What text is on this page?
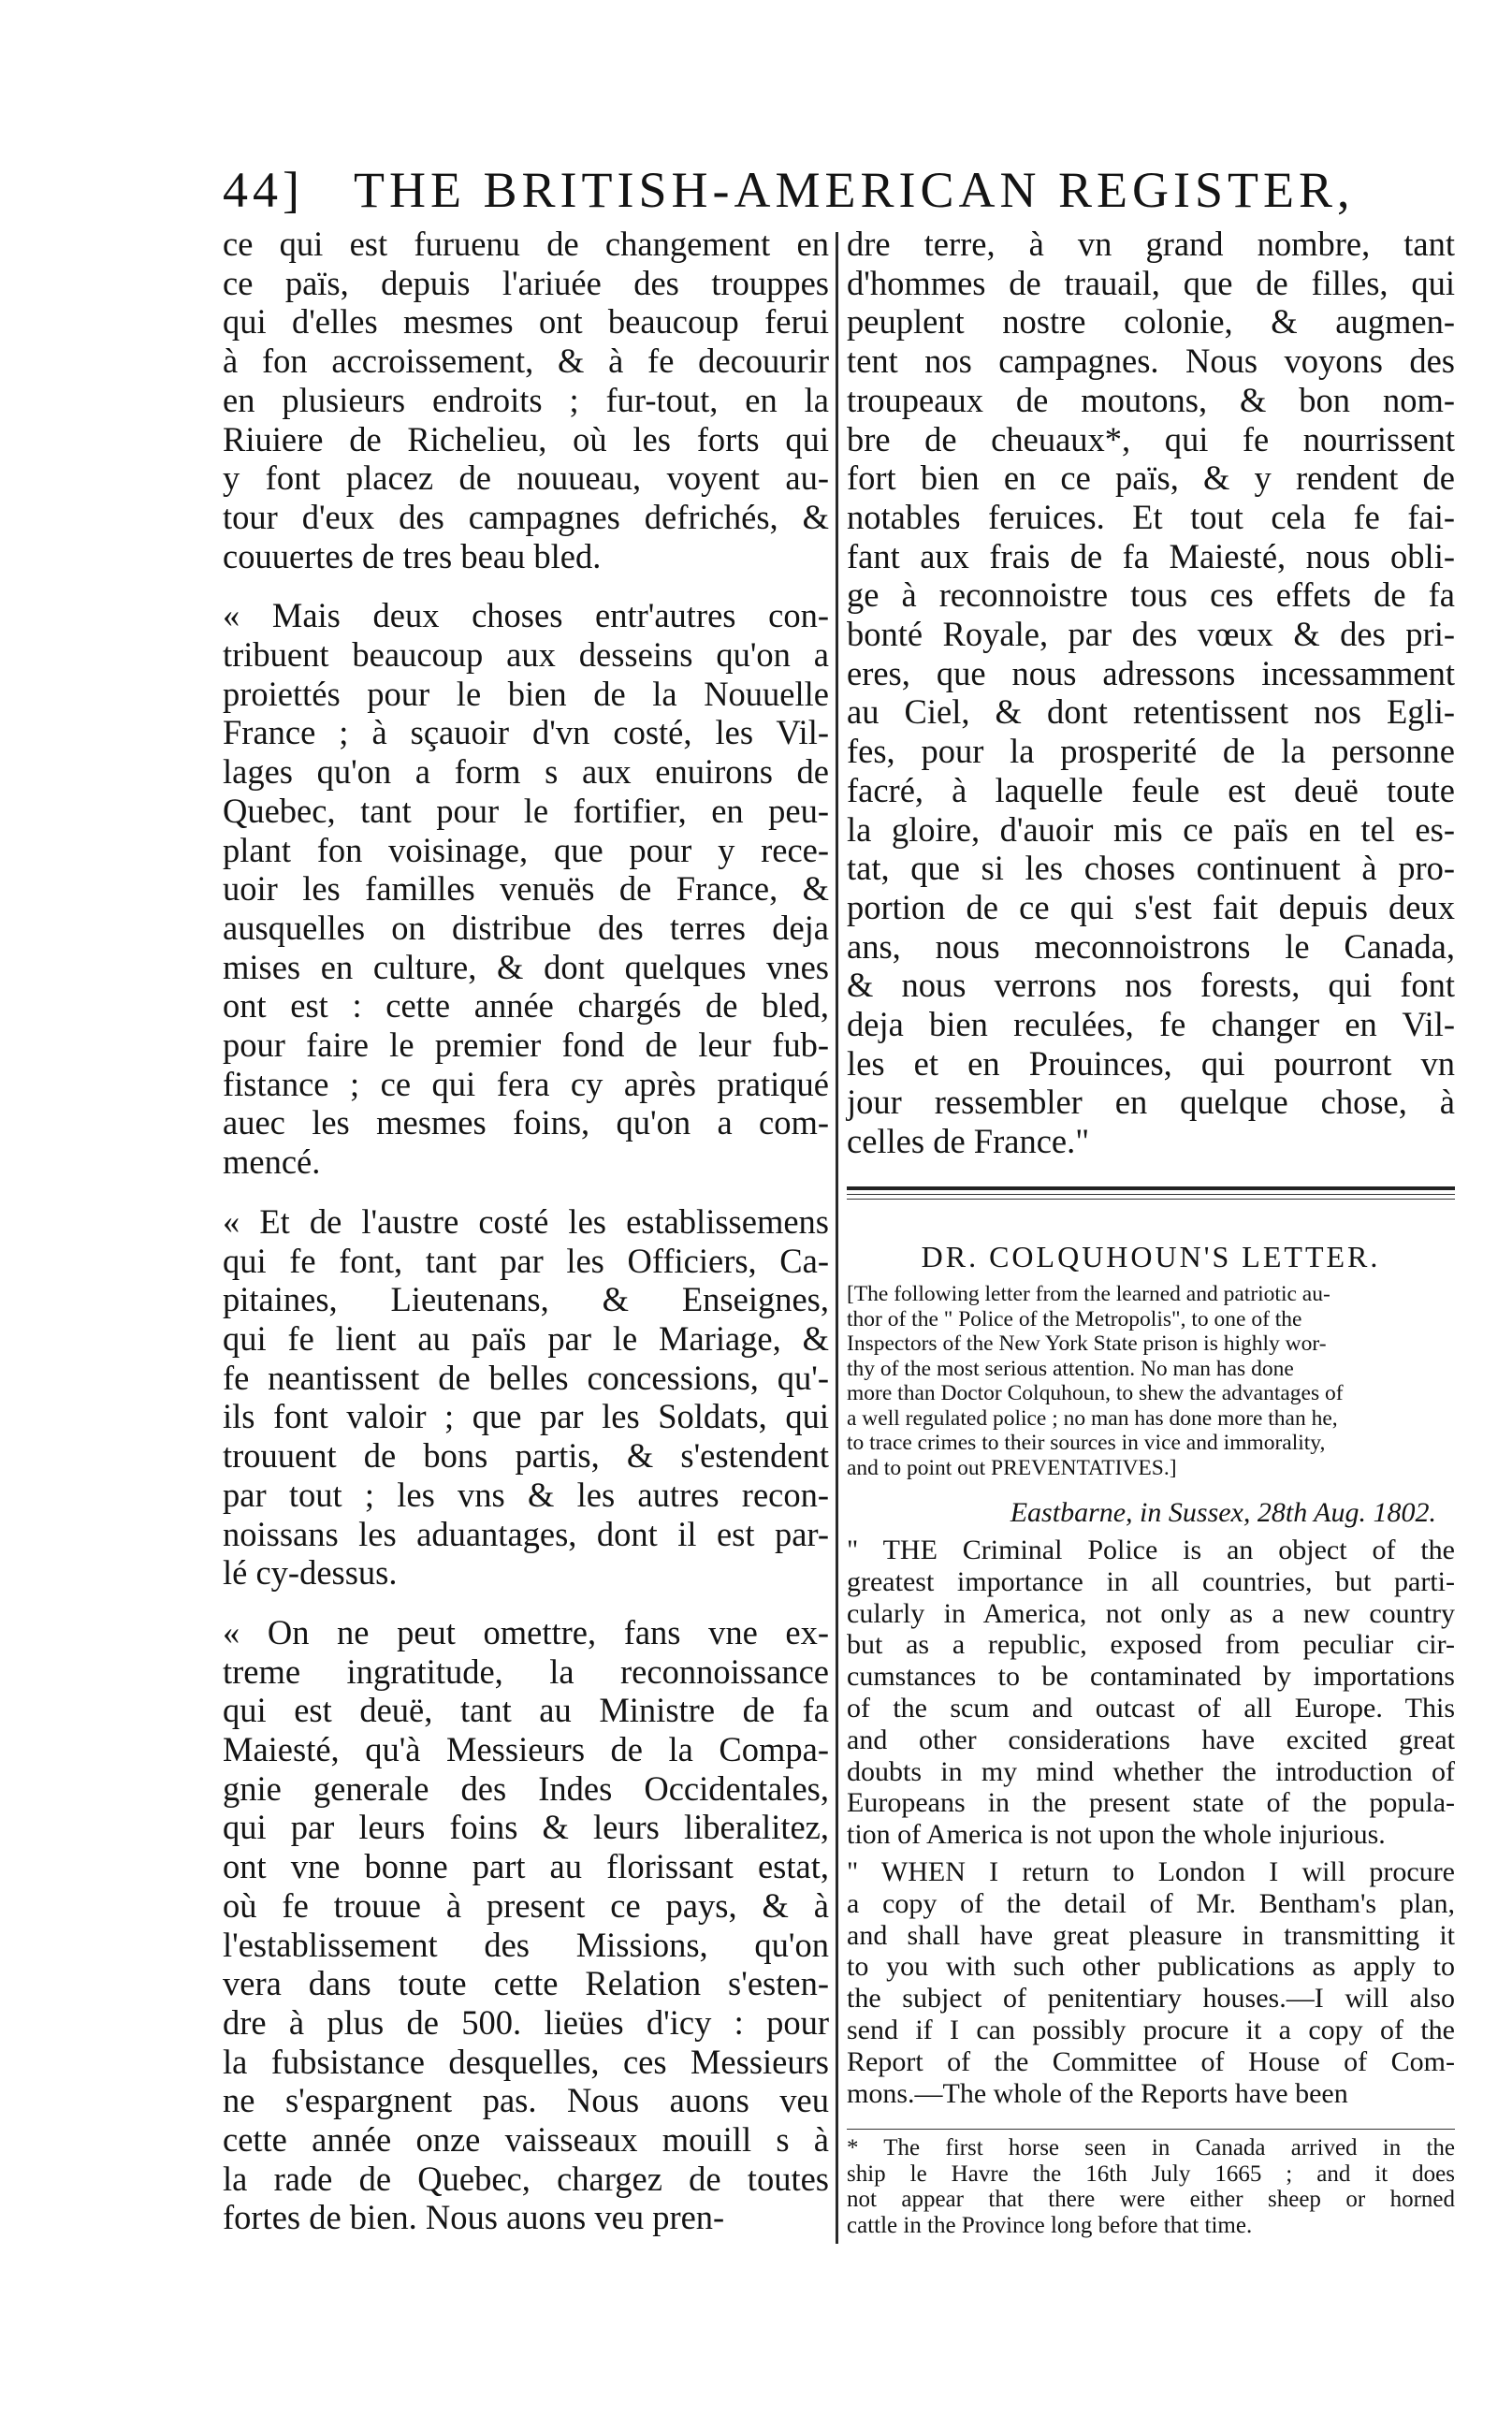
44] THE BRITISH-AMERICAN REGISTER,

ce qui est furuenu de changement en
ce païs, depuis l'ariuée des trouppes
qui d'elles mesmes ont beaucoup ferui
à fon accroissement, & à fe decouurir
en plusieurs endroits ; fur-tout, en la
Riuiere de Richelieu, où les forts qui
y font placez de nouueau, voyent au-
tour d'eux des campagnes defrichés, &
couuertes de tres beau bled.

« Mais deux choses entr'autres con-
tribuent beaucoup aux desseins qu'on a
proiettés pour le bien de la Nouuelle
France ; à sçauoir d'vn costé, les Vil-
lages qu'on a form s aux enuirons de
Quebec, tant pour le fortifier, en peu-
plant fon voisinage, que pour y rece-
uoir les familles venuës de France, &
ausquelles on distribue des terres deja
mises en culture, & dont quelques vnes
ont est : cette année chargés de bled,
pour faire le premier fond de leur fub-
fistance ; ce qui fera cy après pratiqué
auec les mesmes foins, qu'on a com-
mencé.

« Et de l'austre costé les establissemens
qui fe font, tant par les Officiers, Ca-
pitaines, Lieutenans, & Enseignes,
qui fe lient au païs par le Mariage, &
fe neantissent de belles concessions, qu'-
ils font valoir ; que par les Soldats, qui
trouuent de bons partis, & s'estendent
par tout ; les vns & les autres recon-
noissans les aduantages, dont il est par-
lé cy-dessus.

« On ne peut omettre, fans vne ex-
treme ingratitude, la reconnoissance
qui est deuë, tant au Ministre de fa
Maiesté, qu'à Messieurs de la Compa-
gnie generale des Indes Occidentales,
qui par leurs foins & leurs liberalitez,
ont vne bonne part au florissant estat,
où fe trouue à present ce pays, & à
l'establissement des Missions, qu'on
vera dans toute cette Relation s'esten-
dre à plus de 500. lieües d'icy : pour
la fubsistance desquelles, ces Messieurs
ne s'espargnent pas. Nous auons veu
cette année onze vaisseaux mouill s à
la rade de Quebec, chargez de toutes
fortes de bien. Nous auons veu pren-

dre terre, à vn grand nombre, tant
d'hommes de trauail, que de filles, qui
peuplent nostre colonie, & augmen-
tent nos campagnes. Nous voyons des
troupeaux de moutons, & bon nom-
bre de cheuaux*, qui fe nourrissent
fort bien en ce païs, & y rendent de
notables feruices. Et tout cela fe fai-
fant aux frais de fa Maiesté, nous obli-
ge à reconnoistre tous ces effets de fa
bonté Royale, par des vœux & des pri-
eres, que nous adressons incessamment
au Ciel, & dont retentissent nos Egli-
fes, pour la prosperité de la personne
facré, à laquelle feule est deuë toute
la gloire, d'auoir mis ce païs en tel es-
tat, que si les choses continuent à pro-
portion de ce qui s'est fait depuis deux
ans, nous meconnoistrons le Canada,
& nous verrons nos forests, qui font
deja bien reculées, fe changer en Vil-
les et en Prouinces, qui pourront vn
jour ressembler en quelque chose, à
celles de France."

DR. COLQUHOUN'S LETTER.
[The following letter from the learned and patriotic au-
thor of the " Police of the Metropolis", to one of the
Inspectors of the New York State prison is highly wor-
thy of the most serious attention. No man has done
more than Doctor Colquhoun, to shew the advantages of
a well regulated police ; no man has done more than he,
to trace crimes to their sources in vice and immorality,
and to point out PREVENTATIVES.]
Eastbarne, in Sussex, 28th Aug. 1802.

" THE Criminal Police is an object of the
greatest importance in all countries, but parti-
cularly in America, not only as a new country
but as a republic, exposed from peculiar cir-
cumstances to be contaminated by importations
of the scum and outcast of all Europe. This
and other considerations have excited great
doubts in my mind whether the introduction of
Europeans in the present state of the popula-
tion of America is not upon the whole injurious.

" WHEN I return to London I will procure
a copy of the detail of Mr. Bentham's plan,
and shall have great pleasure in transmitting it
to you with such other publications as apply to
the subject of penitentiary houses.—I will also
send if I can possibly procure it a copy of the
Report of the Committee of House of Com-
mons.—The whole of the Reports have been

* The first horse seen in Canada arrived in the
ship le Havre the 16th July 1665 ; and it does
not appear that there were either sheep or horned
cattle in the Province long before that time.
